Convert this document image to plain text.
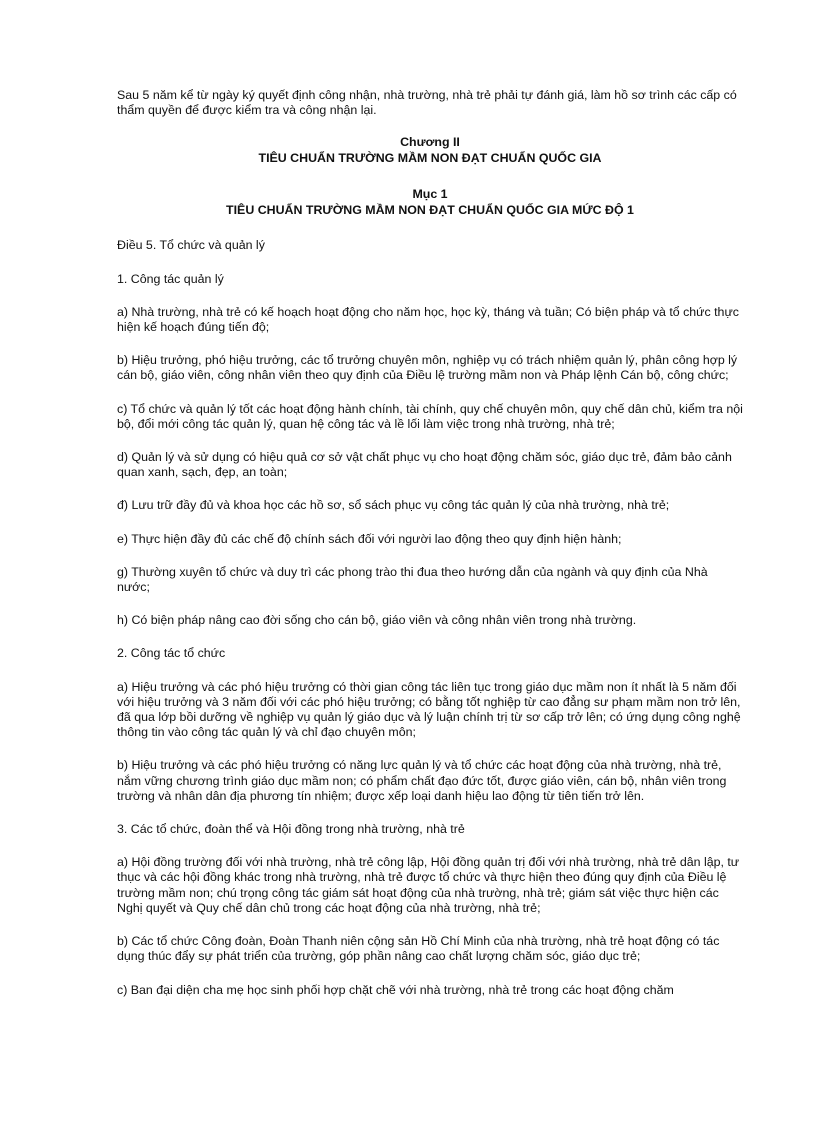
Sau 5 năm kể từ ngày ký quyết định công nhận, nhà trường, nhà trẻ phải tự đánh giá, làm hồ sơ trình các cấp có thẩm quyền để được kiểm tra và công nhận lại.

Chương II
TIÊU CHUẨN TRƯỜNG MẦM NON ĐẠT CHUẨN QUỐC GIA
Mục 1
TIÊU CHUẨN TRƯỜNG MẦM NON ĐẠT CHUẨN QUỐC GIA MỨC ĐỘ 1

Điều 5. Tổ chức và quản lý

1. Công tác quản lý

a) Nhà trường, nhà trẻ có kế hoạch hoạt động cho năm học, học kỳ, tháng và tuần; Có biện pháp và tổ chức thực hiện kế hoạch đúng tiến độ;

b) Hiệu trưởng, phó hiệu trưởng, các tổ trưởng chuyên môn, nghiệp vụ có trách nhiệm quản lý, phân công hợp lý cán bộ, giáo viên, công nhân viên theo quy định của Điều lệ trường mầm non và Pháp lệnh Cán bộ, công chức;

c) Tổ chức và quản lý tốt các hoạt động hành chính, tài chính, quy chế chuyên môn, quy chế dân chủ, kiểm tra nội bộ, đổi mới công tác quản lý, quan hệ công tác và lề lối làm việc trong nhà trường, nhà trẻ;

d) Quản lý và sử dụng có hiệu quả cơ sở vật chất phục vụ cho hoạt động chăm sóc, giáo dục trẻ, đảm bảo cảnh quan xanh, sạch, đẹp, an toàn;

đ) Lưu trữ đầy đủ và khoa học các hồ sơ, sổ sách phục vụ công tác quản lý của nhà trường, nhà trẻ;

e) Thực hiện đầy đủ các chế độ chính sách đối với người lao động theo quy định hiện hành;

g) Thường xuyên tổ chức và duy trì các phong trào thi đua theo hướng dẫn của ngành và quy định của Nhà nước;

h) Có biện pháp nâng cao đời sống cho cán bộ, giáo viên và công nhân viên trong nhà trường.

2. Công tác tổ chức

a) Hiệu trưởng và các phó hiệu trưởng có thời gian công tác liên tục trong giáo dục mầm non ít nhất là 5 năm đối với hiệu trưởng và 3 năm đối với các phó hiệu trưởng; có bằng tốt nghiệp từ cao đẳng sư phạm mầm non trở lên, đã qua lớp bồi dưỡng về nghiệp vụ quản lý giáo dục và lý luận chính trị từ sơ cấp trở lên; có ứng dụng công nghệ thông tin vào công tác quản lý và chỉ đạo chuyên môn;

b) Hiệu trưởng và các phó hiệu trưởng có năng lực quản lý và tổ chức các hoạt động của nhà trường, nhà trẻ, nắm vững chương trình giáo dục mầm non; có phẩm chất đạo đức tốt, được giáo viên, cán bộ, nhân viên trong trường và nhân dân địa phương tín nhiệm; được xếp loại danh hiệu lao động từ tiên tiến trở lên.

3. Các tổ chức, đoàn thể và Hội đồng trong nhà trường, nhà trẻ

a) Hội đồng trường đối với nhà trường, nhà trẻ công lập, Hội đồng quản trị đối với nhà trường, nhà trẻ dân lập, tư thục và các hội đồng khác trong nhà trường, nhà trẻ được tổ chức và thực hiện theo đúng quy định của Điều lệ trường mầm non; chú trọng công tác giám sát hoạt động của nhà trường, nhà trẻ; giám sát việc thực hiện các Nghị quyết và Quy chế dân chủ trong các hoạt động của nhà trường, nhà trẻ;

b) Các tổ chức Công đoàn, Đoàn Thanh niên cộng sản Hồ Chí Minh của nhà trường, nhà trẻ hoạt động có tác dụng thúc đẩy sự phát triển của trường, góp phần nâng cao chất lượng chăm sóc, giáo dục trẻ;

c) Ban đại diện cha mẹ học sinh phối hợp chặt chẽ với nhà trường, nhà trẻ trong các hoạt động chăm
